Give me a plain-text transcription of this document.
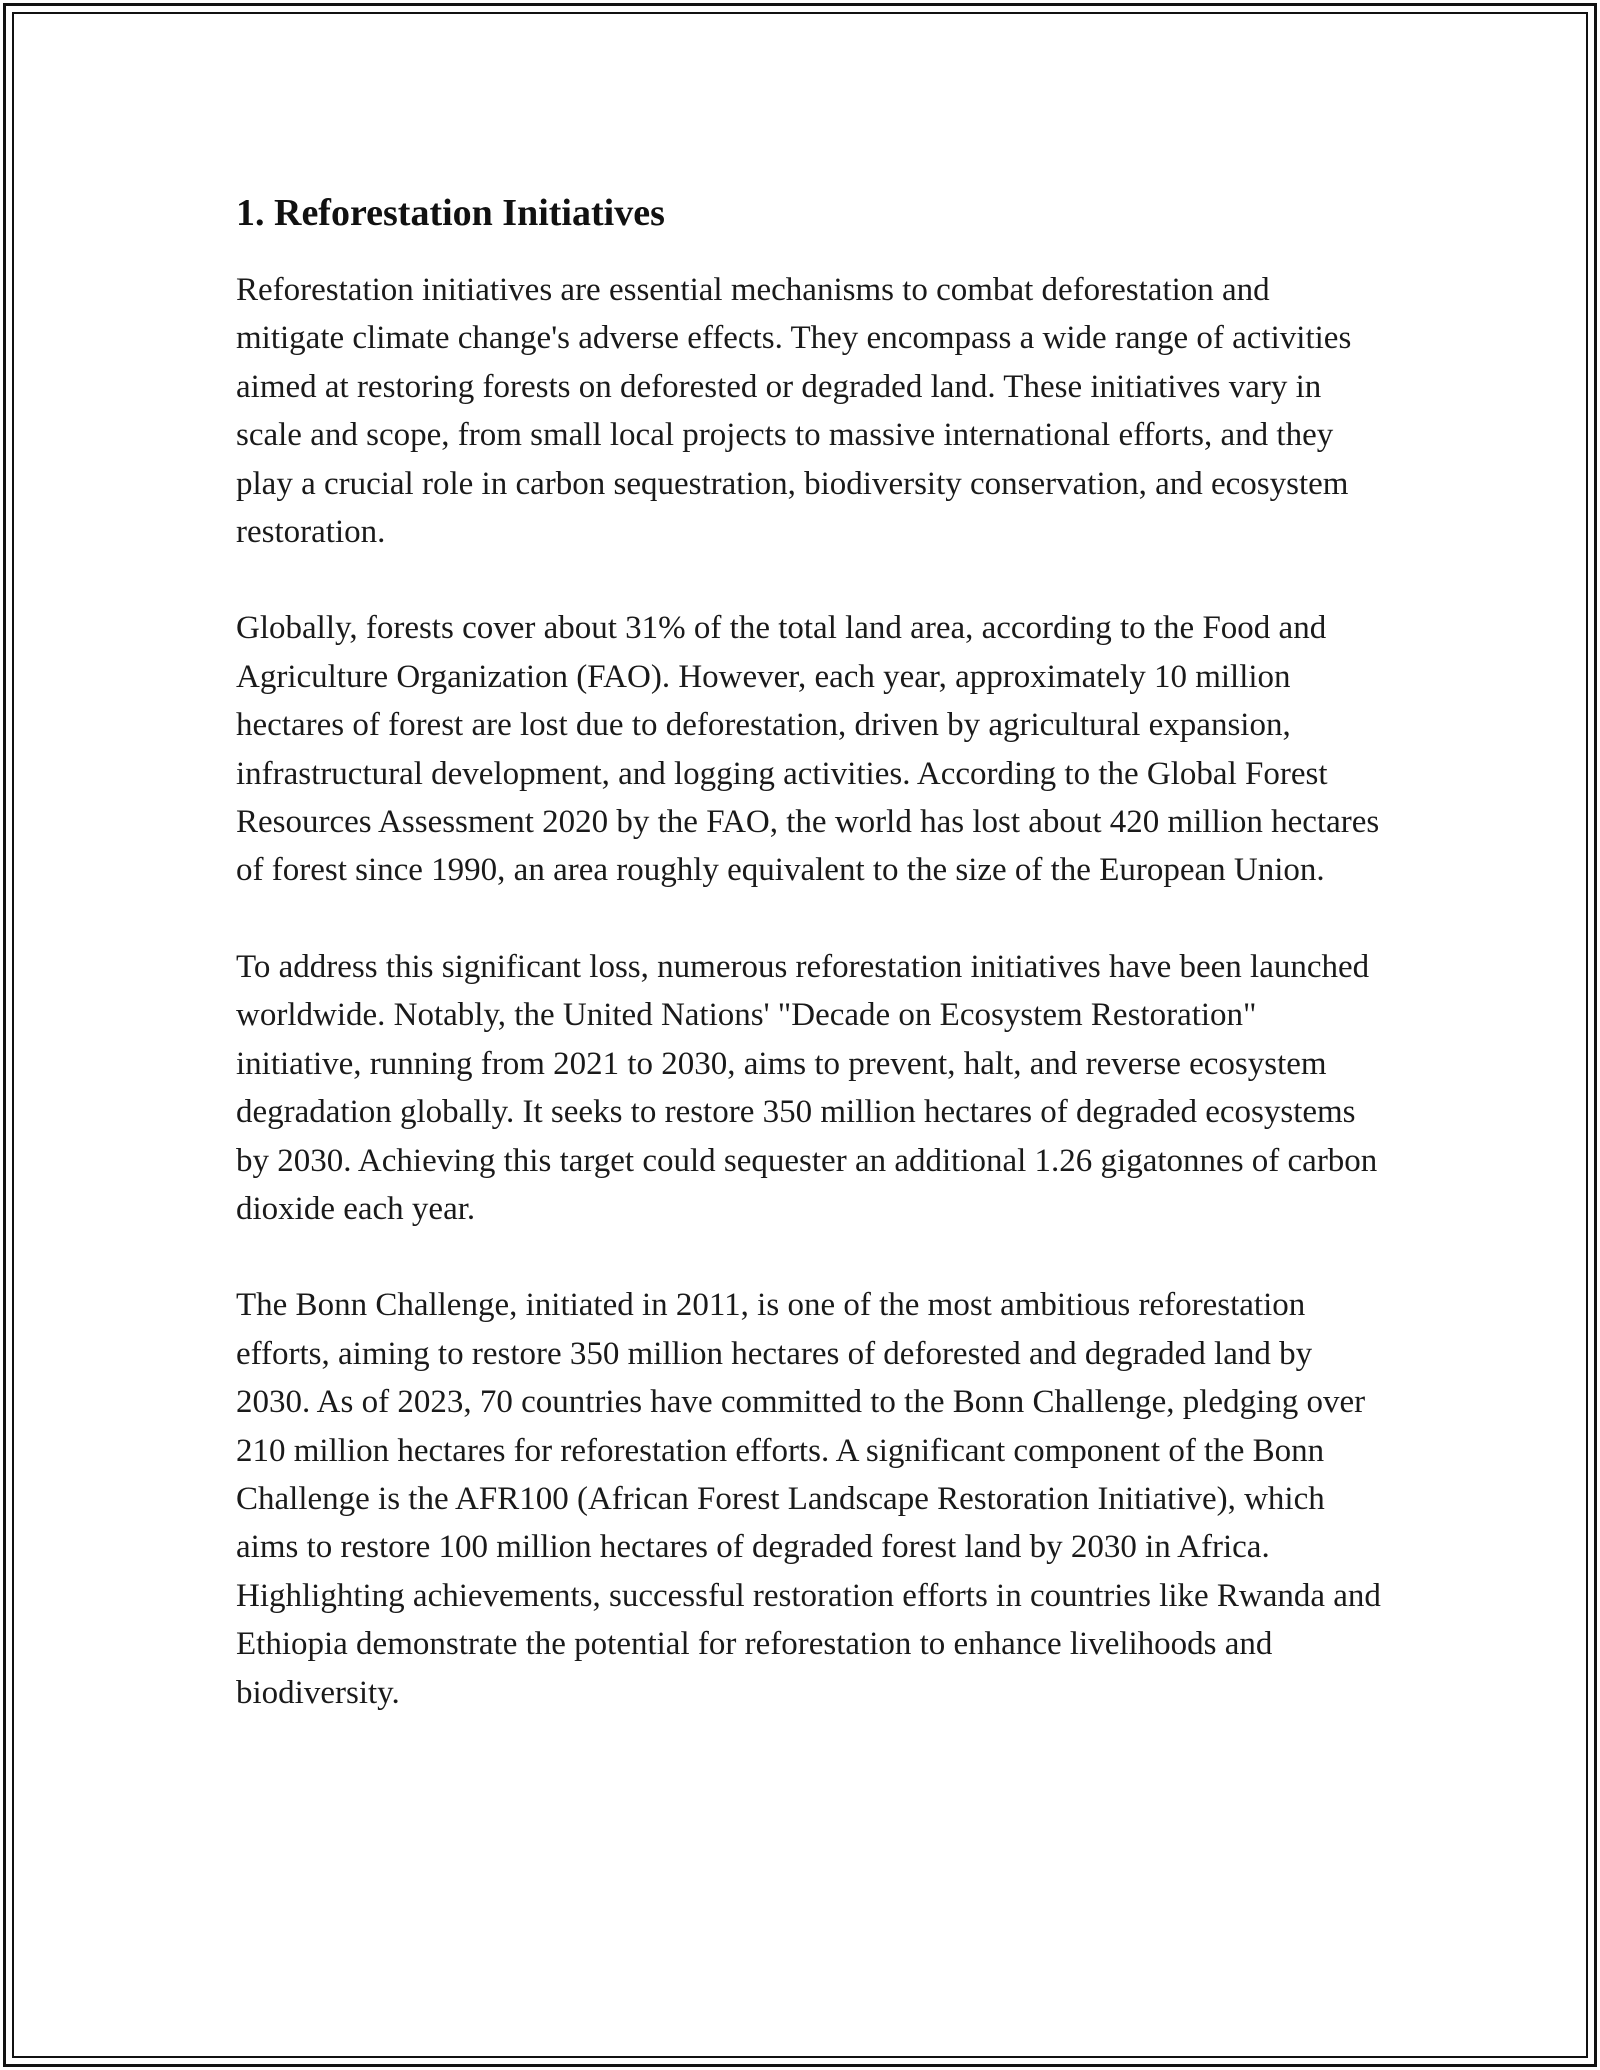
1. Reforestation Initiatives

Reforestation initiatives are essential mechanisms to combat deforestation and mitigate climate change's adverse effects. They encompass a wide range of activities aimed at restoring forests on deforested or degraded land. These initiatives vary in scale and scope, from small local projects to massive international efforts, and they play a crucial role in carbon sequestration, biodiversity conservation, and ecosystem restoration.

Globally, forests cover about 31% of the total land area, according to the Food and Agriculture Organization (FAO). However, each year, approximately 10 million hectares of forest are lost due to deforestation, driven by agricultural expansion, infrastructural development, and logging activities. According to the Global Forest Resources Assessment 2020 by the FAO, the world has lost about 420 million hectares of forest since 1990, an area roughly equivalent to the size of the European Union.

To address this significant loss, numerous reforestation initiatives have been launched worldwide. Notably, the United Nations' "Decade on Ecosystem Restoration" initiative, running from 2021 to 2030, aims to prevent, halt, and reverse ecosystem degradation globally. It seeks to restore 350 million hectares of degraded ecosystems by 2030. Achieving this target could sequester an additional 1.26 gigatonnes of carbon dioxide each year.

The Bonn Challenge, initiated in 2011, is one of the most ambitious reforestation efforts, aiming to restore 350 million hectares of deforested and degraded land by 2030. As of 2023, 70 countries have committed to the Bonn Challenge, pledging over 210 million hectares for reforestation efforts. A significant component of the Bonn Challenge is the AFR100 (African Forest Landscape Restoration Initiative), which aims to restore 100 million hectares of degraded forest land by 2030 in Africa. Highlighting achievements, successful restoration efforts in countries like Rwanda and Ethiopia demonstrate the potential for reforestation to enhance livelihoods and biodiversity.
